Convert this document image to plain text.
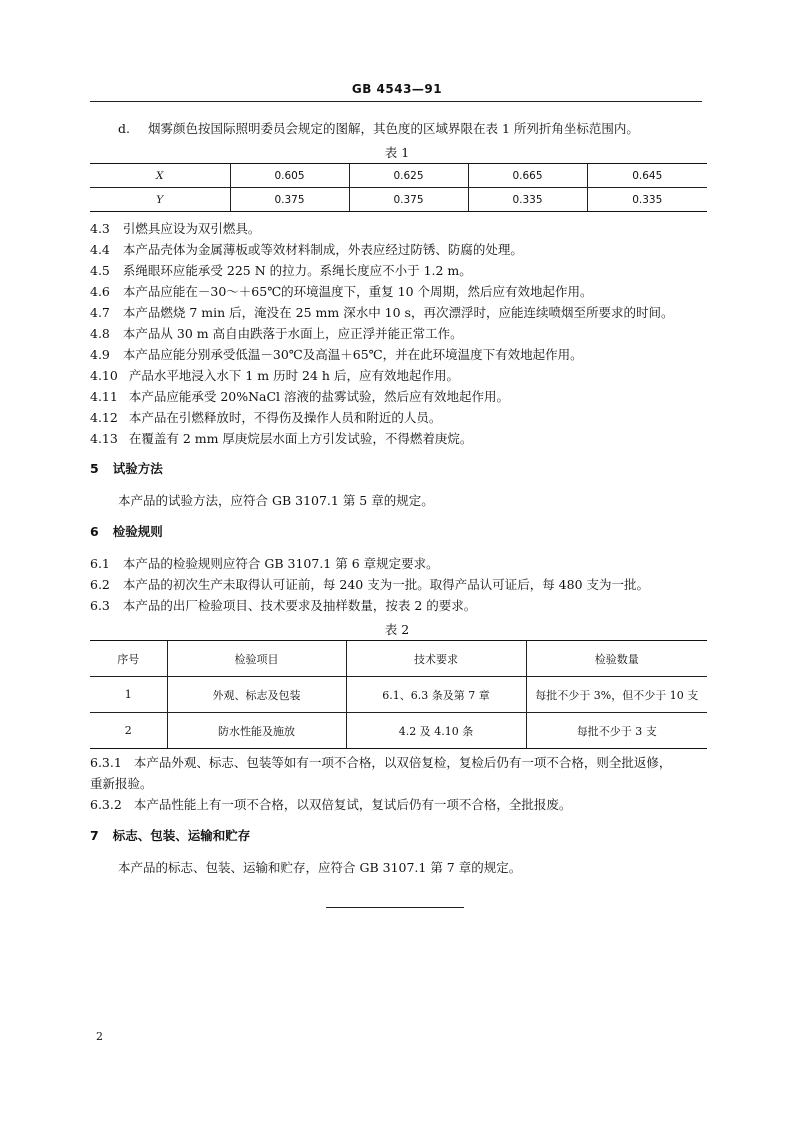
GB 4543—91
d. 烟雾颜色按国际照明委员会规定的图解，其色度的区域界限在表 1 所列折角坐标范围内。
表 1
X	0.605	0.625	0.665	0.645
Y	0.375	0.375	0.335	0.335
4.3 引燃具应设为双引燃具。
4.4 本产品壳体为金属薄板或等效材料制成，外表应经过防锈、防腐的处理。
4.5 系绳眼环应能承受 225 N 的拉力。系绳长度应不小于 1.2 m。
4.6 本产品应能在－30～＋65℃的环境温度下，重复 10 个周期，然后应有效地起作用。
4.7 本产品燃烧 7 min 后，淹没在 25 mm 深水中 10 s，再次漂浮时，应能连续喷烟至所要求的时间。
4.8 本产品从 30 m 高自由跌落于水面上，应正浮并能正常工作。
4.9 本产品应能分别承受低温－30℃及高温＋65℃，并在此环境温度下有效地起作用。
4.10 产品水平地浸入水下 1 m 历时 24 h 后，应有效地起作用。
4.11 本产品应能承受 20%NaCl 溶液的盐雾试验，然后应有效地起作用。
4.12 本产品在引燃释放时，不得伤及操作人员和附近的人员。
4.13 在覆盖有 2 mm 厚庚烷层水面上方引发试验，不得燃着庚烷。
5 试验方法
本产品的试验方法，应符合 GB 3107.1 第 5 章的规定。
6 检验规则
6.1 本产品的检验规则应符合 GB 3107.1 第 6 章规定要求。
6.2 本产品的初次生产未取得认可证前，每 240 支为一批。取得产品认可证后，每 480 支为一批。
6.3 本产品的出厂检验项目、技术要求及抽样数量，按表 2 的要求。
表 2
序号	检验项目	技术要求	检验数量
1	外观、标志及包装	6.1、6.3 条及第 7 章	每批不少于 3%，但不少于 10 支
2	防水性能及施放	4.2 及 4.10 条	每批不少于 3 支
6.3.1 本产品外观、标志、包装等如有一项不合格，以双倍复检，复检后仍有一项不合格，则全批返修，
重新报验。
6.3.2 本产品性能上有一项不合格，以双倍复试，复试后仍有一项不合格，全批报废。
7 标志、包装、运输和贮存
本产品的标志、包装、运输和贮存，应符合 GB 3107.1 第 7 章的规定。
2
